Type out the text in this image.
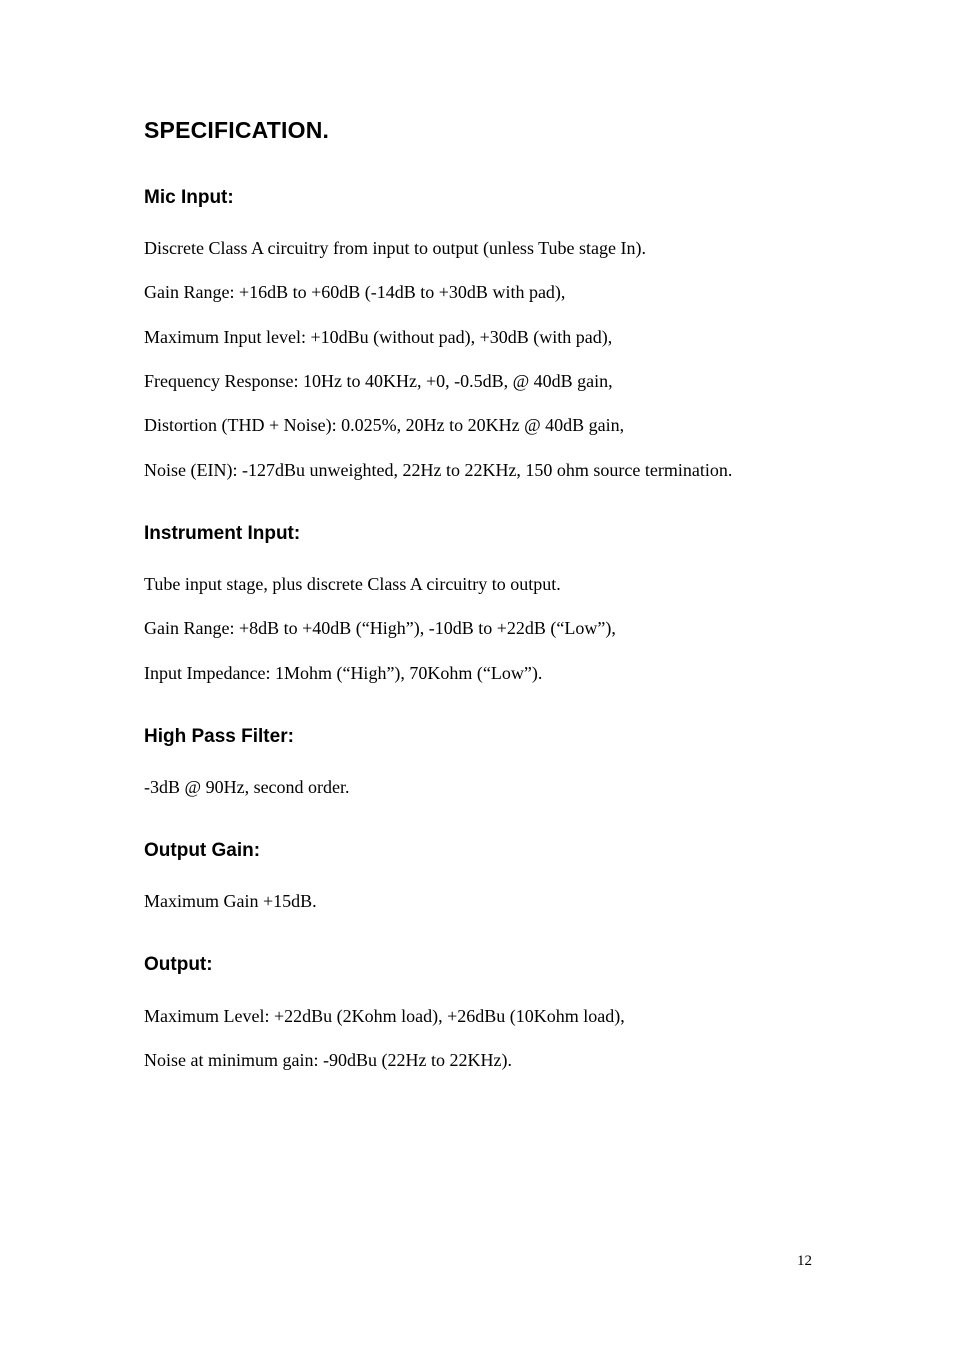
SPECIFICATION.
Mic Input:

Discrete Class A circuitry from input to output (unless Tube stage In).

Gain Range: +16dB to +60dB (-14dB to +30dB with pad),

Maximum Input level: +10dBu (without pad), +30dB (with pad),

Frequency Response: 10Hz to 40KHz, +0, -0.5dB, @ 40dB gain,

Distortion (THD + Noise): 0.025%, 20Hz to 20KHz @ 40dB gain,

Noise (EIN): -127dBu unweighted, 22Hz to 22KHz, 150 ohm source termination.

Instrument Input:

Tube input stage, plus discrete Class A circuitry to output.

Gain Range: +8dB to +40dB (“High”), -10dB to +22dB (“Low”),

Input Impedance: 1Mohm (“High”), 70Kohm (“Low”).

High Pass Filter:

-3dB @ 90Hz, second order.

Output Gain:

Maximum Gain +15dB.

Output:

Maximum Level: +22dBu (2Kohm load), +26dBu (10Kohm load),

Noise at minimum gain: -90dBu (22Hz to 22KHz).

12
